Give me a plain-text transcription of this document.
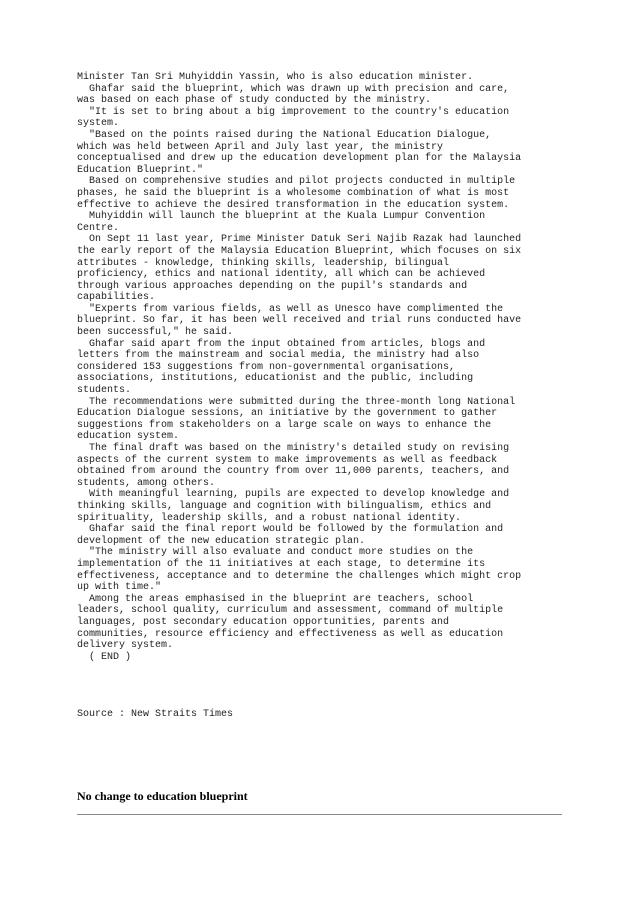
Minister Tan Sri Muhyiddin Yassin, who is also education minister.
Ghafar said the blueprint, which was drawn up with precision and care,
was based on each phase of study conducted by the ministry.
"It is set to bring about a big improvement to the country's education
system.
"Based on the points raised during the National Education Dialogue,
which was held between April and July last year, the ministry
conceptualised and drew up the education development plan for the Malaysia
Education Blueprint."
Based on comprehensive studies and pilot projects conducted in multiple
phases, he said the blueprint is a wholesome combination of what is most
effective to achieve the desired transformation in the education system.
Muhyiddin will launch the blueprint at the Kuala Lumpur Convention
Centre.
On Sept 11 last year, Prime Minister Datuk Seri Najib Razak had launched
the early report of the Malaysia Education Blueprint, which focuses on six
attributes - knowledge, thinking skills, leadership, bilingual
proficiency, ethics and national identity, all which can be achieved
through various approaches depending on the pupil's standards and
capabilities.
"Experts from various fields, as well as Unesco have complimented the
blueprint. So far, it has been well received and trial runs conducted have
been successful," he said.
Ghafar said apart from the input obtained from articles, blogs and
letters from the mainstream and social media, the ministry had also
considered 153 suggestions from non-governmental organisations,
associations, institutions, educationist and the public, including
students.
The recommendations were submitted during the three-month long National
Education Dialogue sessions, an initiative by the government to gather
suggestions from stakeholders on a large scale on ways to enhance the
education system.
The final draft was based on the ministry's detailed study on revising
aspects of the current system to make improvements as well as feedback
obtained from around the country from over 11,000 parents, teachers, and
students, among others.
With meaningful learning, pupils are expected to develop knowledge and
thinking skills, language and cognition with bilingualism, ethics and
spirituality, leadership skills, and a robust national identity.
Ghafar said the final report would be followed by the formulation and
development of the new education strategic plan.
"The ministry will also evaluate and conduct more studies on the
implementation of the 11 initiatives at each stage, to determine its
effectiveness, acceptance and to determine the challenges which might crop
up with time."
Among the areas emphasised in the blueprint are teachers, school
leaders, school quality, curriculum and assessment, command of multiple
languages, post secondary education opportunities, parents and
communities, resource efficiency and effectiveness as well as education
delivery system.
( END )

Source : New Straits Times
No change to education blueprint
